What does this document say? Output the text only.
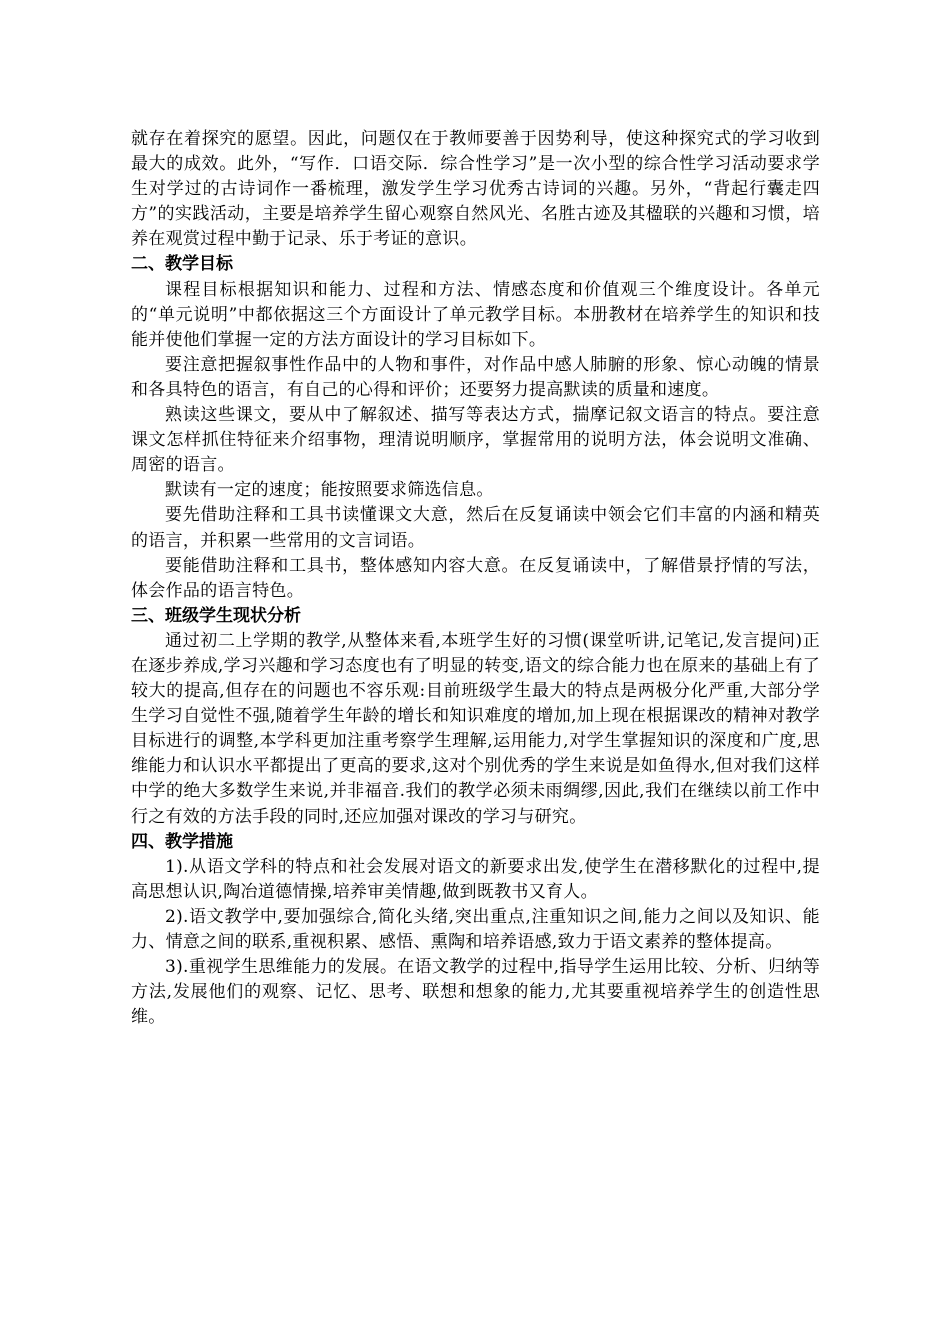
就存在着探究的愿望。因此，问题仅在于教师要善于因势利导，使这种探究式的学习收到最大的成效。此外，“写作．口语交际．综合性学习”是一次小型的综合性学习活动要求学生对学过的古诗词作一番梳理，激发学生学习优秀古诗词的兴趣。另外，“背起行囊走四方”的实践活动，主要是培养学生留心观察自然风光、名胜古迹及其楹联的兴趣和习惯，培养在观赏过程中勤于记录、乐于考证的意识。

二、教学目标

课程目标根据知识和能力、过程和方法、情感态度和价值观三个维度设计。各单元的“单元说明”中都依据这三个方面设计了单元教学目标。本册教材在培养学生的知识和技能并使他们掌握一定的方法方面设计的学习目标如下。

要注意把握叙事性作品中的人物和事件，对作品中感人肺腑的形象、惊心动魄的情景和各具特色的语言，有自己的心得和评价；还要努力提高默读的质量和速度。

熟读这些课文，要从中了解叙述、描写等表达方式，揣摩记叙文语言的特点。要注意课文怎样抓住特征来介绍事物，理清说明顺序，掌握常用的说明方法，体会说明文准确、周密的语言。

默读有一定的速度；能按照要求筛选信息。

要先借助注释和工具书读懂课文大意，然后在反复诵读中领会它们丰富的内涵和精英的语言，并积累一些常用的文言词语。

要能借助注释和工具书，整体感知内容大意。在反复诵读中，了解借景抒情的写法，体会作品的语言特色。

三、班级学生现状分析

通过初二上学期的教学,从整体来看,本班学生好的习惯(课堂听讲,记笔记,发言提问)正在逐步养成,学习兴趣和学习态度也有了明显的转变,语文的综合能力也在原来的基础上有了较大的提高,但存在的问题也不容乐观:目前班级学生最大的特点是两极分化严重,大部分学生学习自觉性不强,随着学生年龄的增长和知识难度的增加,加上现在根据课改的精神对教学目标进行的调整,本学科更加注重考察学生理解,运用能力,对学生掌握知识的深度和广度,思维能力和认识水平都提出了更高的要求,这对个别优秀的学生来说是如鱼得水,但对我们这样中学的绝大多数学生来说,并非福音.我们的教学必须未雨绸缪,因此,我们在继续以前工作中行之有效的方法手段的同时,还应加强对课改的学习与研究。

四、教学措施

1).从语文学科的特点和社会发展对语文的新要求出发,使学生在潜移默化的过程中,提高思想认识,陶冶道德情操,培养审美情趣,做到既教书又育人。

2).语文教学中,要加强综合,简化头绪,突出重点,注重知识之间,能力之间以及知识、能力、情意之间的联系,重视积累、感悟、熏陶和培养语感,致力于语文素养的整体提高。

3).重视学生思维能力的发展。在语文教学的过程中,指导学生运用比较、分析、归纳等方法,发展他们的观察、记忆、思考、联想和想象的能力,尤其要重视培养学生的创造性思维。
